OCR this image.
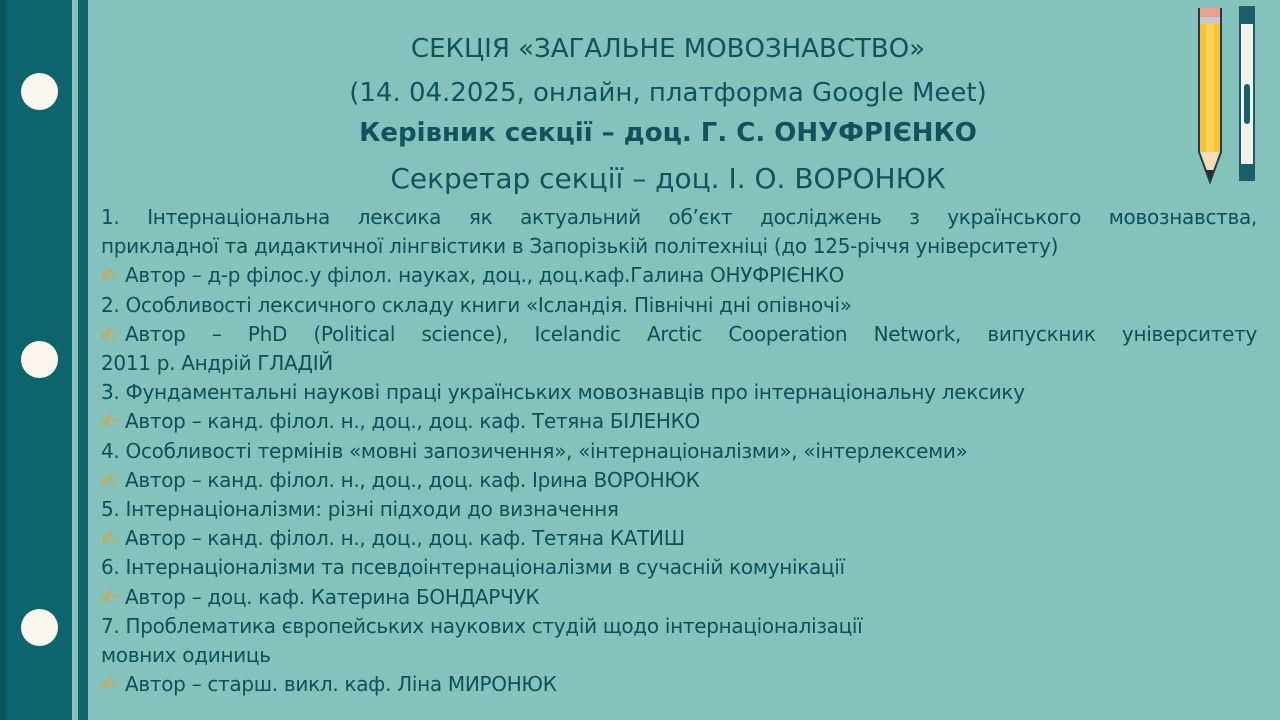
СЕКЦІЯ «ЗАГАЛЬНЕ МОВОЗНАВСТВО»
(14. 04.2025, онлайн, платформа Google Meet)
Керівник секції – доц. Г. С. ОНУФРІЄНКО
Секретар секції – доц. І. О. ВОРОНЮК
1. Інтернаціональна лексика як актуальний об’єкт досліджень з українського мовознавства,
прикладної та дидактичної лінгвістики в Запорізькій політехніці (до 125-річчя університету)
✍ Автор – д-р філос.у філол. науках, доц., доц.каф.Галина ОНУФРІЄНКО
2. Особливості лексичного складу книги «Ісландія. Північні дні опівночі»
✍ Автор – PhD (Political science), Icelandic Arctic Cooperation Network, випускник університету
2011 р. Андрій ГЛАДІЙ
3. Фундаментальні наукові праці українських мовознавців про інтернаціональну лексику
✍ Автор – канд. філол. н., доц., доц. каф. Тетяна БІЛЕНКО
4. Особливості термінів «мовні запозичення», «інтернаціоналізми», «інтерлексеми»
✍ Автор – канд. філол. н., доц., доц. каф. Ірина ВОРОНЮК
5. Інтернаціоналізми: різні підходи до визначення
✍ Автор – канд. філол. н., доц., доц. каф. Тетяна КАТИШ
6. Інтернаціоналізми та псевдоінтернаціоналізми в сучасній комунікації
✍ Автор – доц. каф. Катерина БОНДАРЧУК
7. Проблематика європейських наукових студій щодо інтернаціоналізації
мовних одиниць
✍ Автор – старш. викл. каф. Ліна МИРОНЮК
